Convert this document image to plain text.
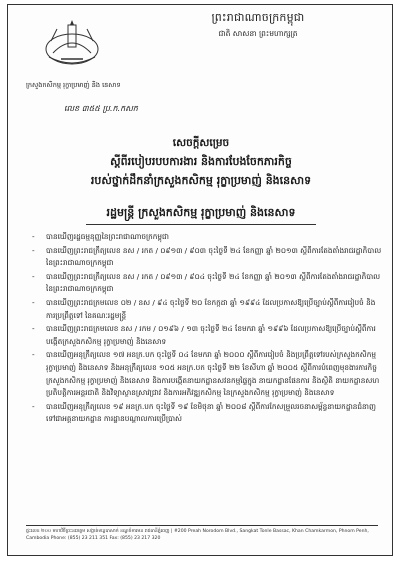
ព្រះរាជាណាចក្រកម្ពុជា
ជាតិ សាសនា ព្រះមហាក្សត្រ
ក្រសួងកសិកម្ម រុក្ខាប្រមាញ់ និង នេសាទ
លេខ ៣៥៥ ប្រ.ក.កសក
សេចក្តីសម្រេច
ស្តីពីរបៀបរបបការងារ និងការបែងចែកភារកិច្ច
របស់ថ្នាក់ដឹកនាំក្រសួងកសិកម្ម រុក្ខាប្រមាញ់ និងនេសាទ
រដ្ឋមន្ត្រី ក្រសួងកសិកម្ម រុក្ខាប្រមាញ់ និងនេសាទ
- បានឃើញរដ្ឋធម្មនុញ្ញនៃព្រះរាជាណាចក្រកម្ពុជា
- បានឃើញព្រះរាជក្រឹត្យលេខ នស / រកត / ០៩១៣ / ៩០៣ ចុះថ្ងៃទី ២៤ ខែកញ្ញា ឆ្នាំ ២០១៣ ស្តីពីការតែងតាំងរាជរដ្ឋាភិបាល នៃព្រះរាជាណាចក្រកម្ពុជា
- បានឃើញព្រះរាជក្រឹត្យលេខ នស / រកត / ០៩១៣ / ៩០៤ ចុះថ្ងៃទី ២៤ ខែកញ្ញា ឆ្នាំ ២០១៣ ស្តីពីការតែងតាំងរាជរដ្ឋាភិបាល នៃព្រះរាជាណាចក្រកម្ពុជា
- បានឃើញព្រះរាជក្រមលេខ ០២ / នស / ៩៤ ចុះថ្ងៃទី ២០ ខែកក្កដា ឆ្នាំ ១៩៩៤ ដែលប្រកាសឱ្យប្រើច្បាប់ស្តីពីការរៀបចំ និងការប្រព្រឹត្តទៅ នៃគណៈរដ្ឋមន្ត្រី
- បានឃើញព្រះរាជក្រមលេខ នស / រកម / ០១៩៦ / ១៣ ចុះថ្ងៃទី ២៤ ខែមករា ឆ្នាំ ១៩៩៦ ដែលប្រកាសឱ្យប្រើច្បាប់ស្តីពីការបង្កើតក្រសួងកសិកម្ម រុក្ខាប្រមាញ់ និងនេសាទ
- បានឃើញអនុក្រឹត្យលេខ ១៧ អនក្រ.បក ចុះថ្ងៃទី ០៤ ខែមករា ឆ្នាំ ២០០០ ស្តីពីការរៀបចំ និងប្រព្រឹត្តទៅរបស់ក្រសួងកសិកម្ម រុក្ខាប្រមាញ់ និងនេសាទ និងអនុក្រឹត្យលេខ ១០៥ អនក្រ.បក ចុះថ្ងៃទី ២២ ខែសីហា ឆ្នាំ ២០០៥ ស្តីពីការបំពេញមុខងារការកិច្ចក្រសួងកសិកម្ម រុក្ខាប្រមាញ់ និងនេសាទ និងការបង្កើតនាយកដ្ឋានសវនកម្មផ្ទៃក្នុង នាយកដ្ឋានផែនការ និងស្ថិតិ នាយកដ្ឋានសហប្រតិបត្តិការអន្តរជាតិ និងវិទ្យាស្ថានស្រាវជ្រាវ និងការអភិវឌ្ឍកសិកម្ម នៃក្រសួងកសិកម្ម រុក្ខាប្រមាញ់ និងនេសាទ
- បានឃើញអនុក្រឹត្យលេខ ១៩ អនក្រ.បក ចុះថ្ងៃទី ១៩ ខែមិថុនា ឆ្នាំ ២០០៨ ស្តីពីការកែសម្រួលរចនាសម្ព័ន្ធនាយកដ្ឋានជំនាញ ទៅជាអគ្គនាយកដ្ឋាន ការដ្ឋានបណ្តាលការប្រើប្រាស់
ផ្ទះលេខ ២០០ មហាវិថីព្រះនរោត្តម សង្កាត់ទន្លេបាសាក់ ខណ្ឌចំការមន រាជធានីភ្នំពេញ | #200 Preah Norodom Blvd., Sangkat Tonle Bassac, Khan Chamkarmon, Phnom Penh, Cambodia Phone: (855) 23 211 351 Fax: (855) 23 217 320
